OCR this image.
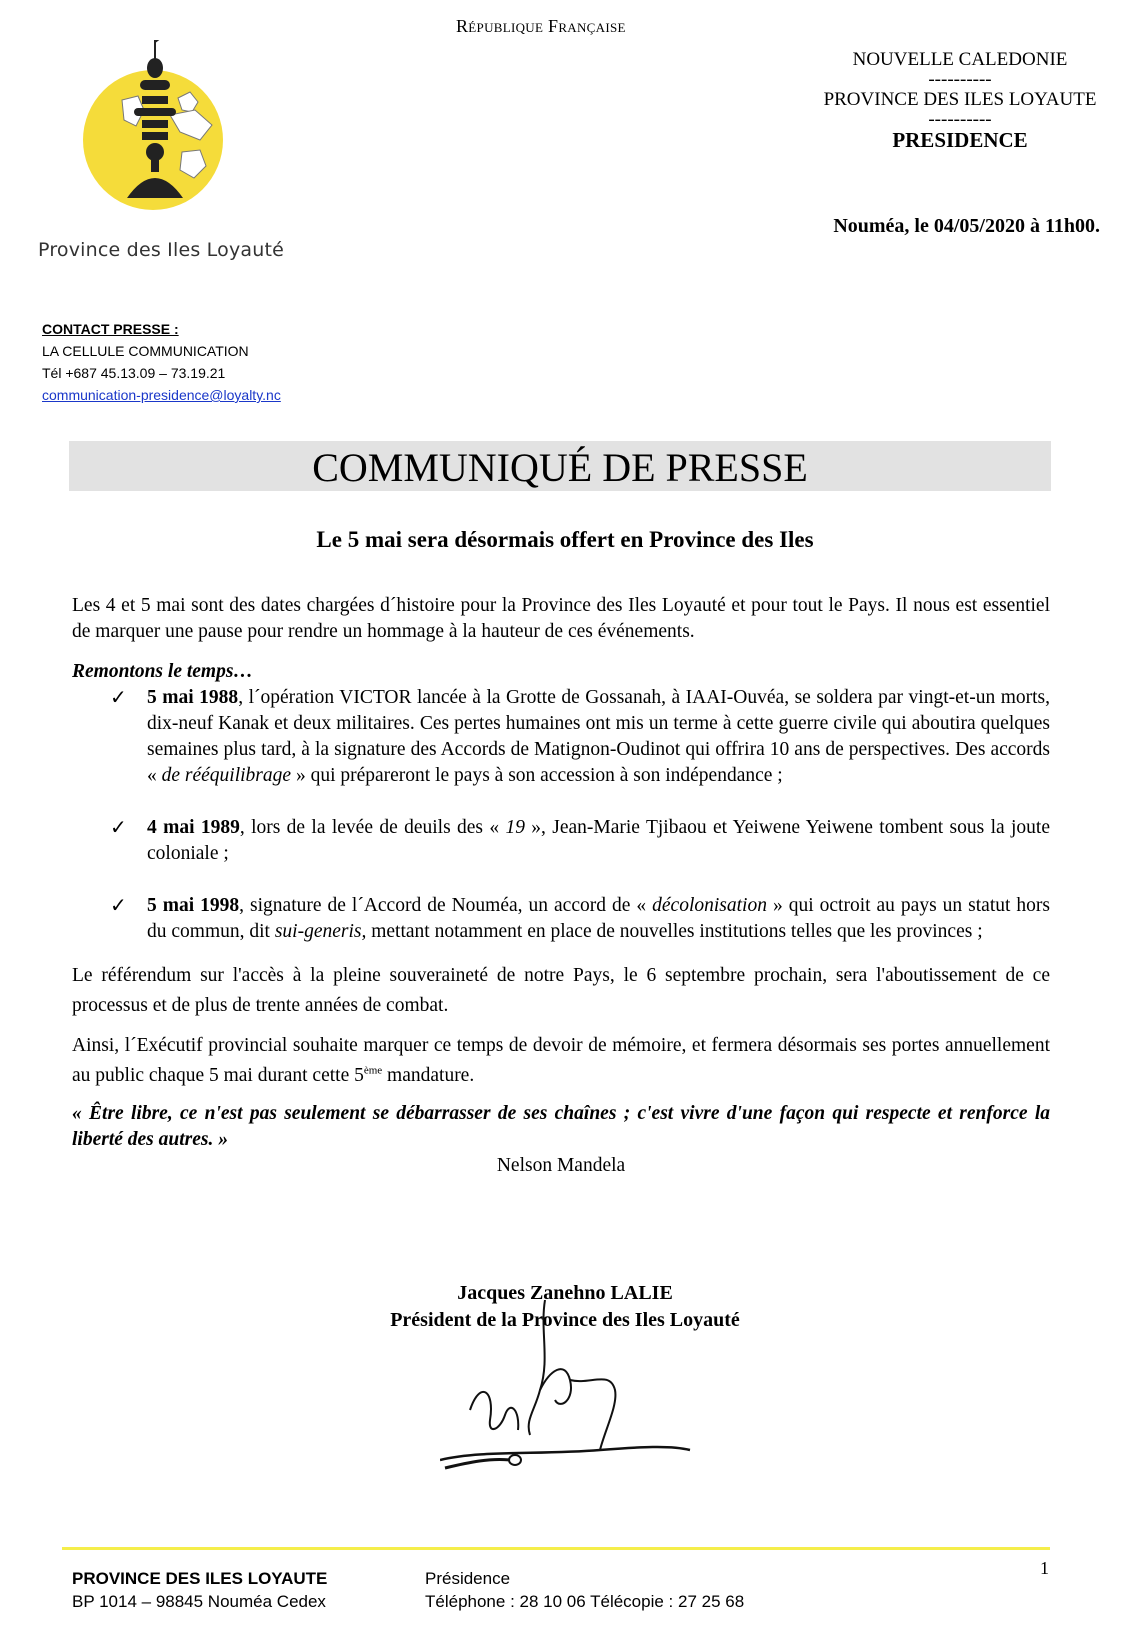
République Française
Province des Iles Loyauté
NOUVELLE CALEDONIE
----------
PROVINCE DES ILES LOYAUTE
----------
PRESIDENCE
Nouméa, le 04/05/2020 à 11h00.
CONTACT PRESSE :
LA CELLULE COMMUNICATION
Tél +687 45.13.09 – 73.19.21
communication-presidence@loyalty.nc
COMMUNIQUÉ DE PRESSE
Le 5 mai sera désormais offert en Province des Iles

Les 4 et 5 mai sont des dates chargées d´histoire pour la Province des Iles Loyauté et pour tout le Pays. Il nous est essentiel de marquer une pause pour rendre un hommage à la hauteur de ces événements.

Remontons le temps…
✓ 5 mai 1988, l´opération VICTOR lancée à la Grotte de Gossanah, à IAAI-Ouvéa, se soldera par vingt-et-un morts, dix-neuf Kanak et deux militaires. Ces pertes humaines ont mis un terme à cette guerre civile qui aboutira quelques semaines plus tard, à la signature des Accords de Matignon-Oudinot qui offrira 10 ans de perspectives. Des accords « de rééquilibrage » qui prépareront le pays à son accession à son indépendance ;
✓ 4 mai 1989, lors de la levée de deuils des « 19 », Jean-Marie Tjibaou et Yeiwene Yeiwene tombent sous la joute coloniale ;
✓ 5 mai 1998, signature de l´Accord de Nouméa, un accord de « décolonisation » qui octroit au pays un statut hors du commun, dit sui-generis, mettant notamment en place de nouvelles institutions telles que les provinces ;

Le référendum sur l'accès à la pleine souveraineté de notre Pays, le 6 septembre prochain, sera l'aboutissement de ce processus et de plus de trente années de combat.

Ainsi, l´Exécutif provincial souhaite marquer ce temps de devoir de mémoire, et fermera désormais ses portes annuellement au public chaque 5 mai durant cette 5ème mandature.

« Être libre, ce n'est pas seulement se débarrasser de ses chaînes ; c'est vivre d'une façon qui respecte et renforce la liberté des autres. »

Nelson Mandela

Jacques Zanehno LALIE
Président de la Province des Iles Loyauté
PROVINCE DES ILES LOYAUTE
BP 1014 – 98845 Nouméa Cedex
Présidence
Téléphone : 28 10 06 Télécopie : 27 25 68
1
